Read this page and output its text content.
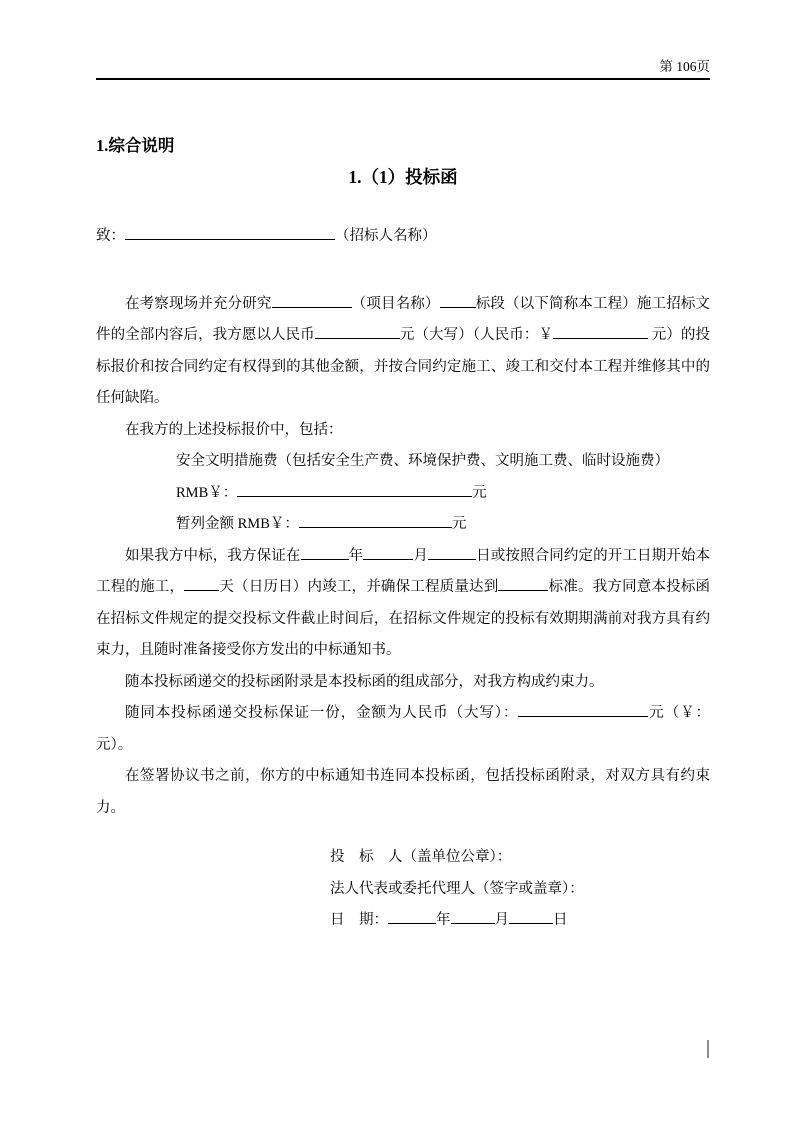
第 106页
1.综合说明
1.（1）投标函

致：	（招标人名称）

在考察现场并充分研究	（项目名称） 标段（以下简称本工程）施工招标文件的全部内容后，我方愿以人民币	元（大写）（人民币：￥	元）的投标报价和按合同约定有权得到的其他金额，并按合同约定施工、竣工和交付本工程并维修其中的任何缺陷。

在我方的上述投标报价中，包括：

安全文明措施费（包括安全生产费、环境保护费、文明施工费、临时设施费）

RMB￥：	元

暂列金额 RMB￥：	元

如果我方中标，我方保证在	年	月	日或按照合同约定的开工日期开始本工程的施工， 天（日历日）内竣工，并确保工程质量达到	标准。我方同意本投标函在招标文件规定的提交投标文件截止时间后，在招标文件规定的投标有效期期满前对我方具有约束力，且随时准备接受你方发出的中标通知书。

随本投标函递交的投标函附录是本投标函的组成部分，对我方构成约束力。

随同本投标函递交投标保证一份，金额为人民币（大写）：	元（￥：元）。

在签署协议书之前，你方的中标通知书连同本投标函，包括投标函附录，对双方具有约束力。

投　标　人（盖单位公章）：

法人代表或委托代理人（签字或盖章）：

日　期：	年	月	日
